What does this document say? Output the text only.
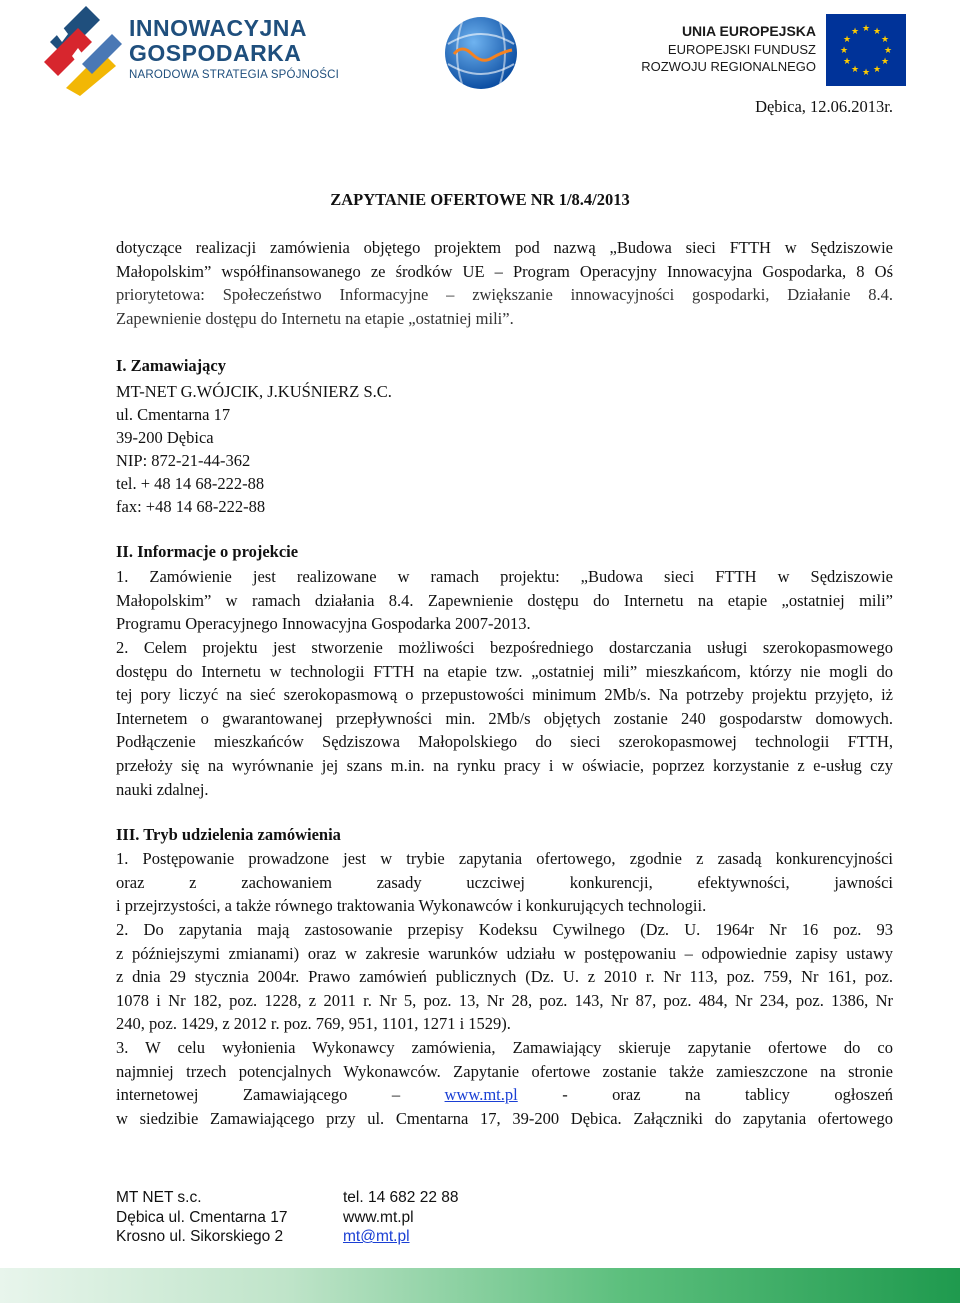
INNOWACYJNA
GOSPODARKA
NARODOWA STRATEGIA SPÓJNOŚCI
UNIA EUROPEJSKA
EUROPEJSKI FUNDUSZ
ROZWOJU REGIONALNEGO
★ ★
★
★
★
★
★
★
★
★
★
★
Dębica, 12.06.2013r.
ZAPYTANIE OFERTOWE NR 1/8.4/2013
dotyczące realizacji zamówienia objętego projektem pod nazwą „Budowa sieci FTTH w Sędziszowie
Małopolskim” współfinansowanego ze środków UE – Program Operacyjny Innowacyjna Gospodarka, 8 Oś
priorytetowa: Społeczeństwo Informacyjne – zwiększanie innowacyjności gospodarki, Działanie 8.4.
Zapewnienie dostępu do Internetu na etapie „ostatniej mili”.
I. Zamawiający
MT-NET G.WÓJCIK, J.KUŚNIERZ S.C.
ul. Cmentarna 17
39-200 Dębica
NIP: 872-21-44-362
tel. + 48 14 68-222-88
fax: +48 14 68-222-88
II. Informacje o projekcie
1. Zamówienie jest realizowane w ramach projektu: „Budowa sieci FTTH w Sędziszowie
Małopolskim” w ramach działania 8.4. Zapewnienie dostępu do Internetu na etapie „ostatniej mili”
Programu Operacyjnego Innowacyjna Gospodarka 2007-2013.
2. Celem projektu jest stworzenie możliwości bezpośredniego dostarczania usługi szerokopasmowego
dostępu do Internetu w technologii FTTH na etapie tzw. „ostatniej mili” mieszkańcom, którzy nie mogli do
tej pory liczyć na sieć szerokopasmową o przepustowości minimum 2Mb/s. Na potrzeby projektu przyjęto, iż
Internetem o gwarantowanej przepływności min. 2Mb/s objętych zostanie 240 gospodarstw domowych.
Podłączenie mieszkańców Sędziszowa Małopolskiego do sieci szerokopasmowej technologii FTTH,
przełoży się na wyrównanie jej szans m.in. na rynku pracy i w oświacie, poprzez korzystanie z e-usług czy
nauki zdalnej.
III. Tryb udzielenia zamówienia
1. Postępowanie prowadzone jest w trybie zapytania ofertowego, zgodnie z zasadą konkurencyjności
oraz z zachowaniem zasady uczciwej konkurencji, efektywności, jawności
i przejrzystości, a także równego traktowania Wykonawców i konkurujących technologii.
2. Do zapytania mają zastosowanie przepisy Kodeksu Cywilnego (Dz. U. 1964r Nr 16 poz. 93
z późniejszymi zmianami) oraz w zakresie warunków udziału w postępowaniu – odpowiednie zapisy ustawy
z dnia 29 stycznia 2004r. Prawo zamówień publicznych (Dz. U. z 2010 r. Nr 113, poz. 759, Nr 161, poz.
1078 i Nr 182, poz. 1228, z 2011 r. Nr 5, poz. 13, Nr 28, poz. 143, Nr 87, poz. 484, Nr 234, poz. 1386, Nr
240, poz. 1429, z 2012 r. poz. 769, 951, 1101, 1271 i 1529).
3. W celu wyłonienia Wykonawcy zamówienia, Zamawiający skieruje zapytanie ofertowe do co
najmniej trzech potencjalnych Wykonawców. Zapytanie ofertowe zostanie także zamieszczone na stronie
internetowej Zamawiającego –	www.mt.pl	- oraz na tablicy ogłoszeń
w siedzibie Zamawiającego przy ul. Cmentarna 17, 39-200 Dębica. Załączniki do zapytania ofertowego
MT NET s.c.
Dębica ul. Cmentarna 17
Krosno ul. Sikorskiego 2
tel. 14 682 22 88
www.mt.pl
mt@mt.pl
